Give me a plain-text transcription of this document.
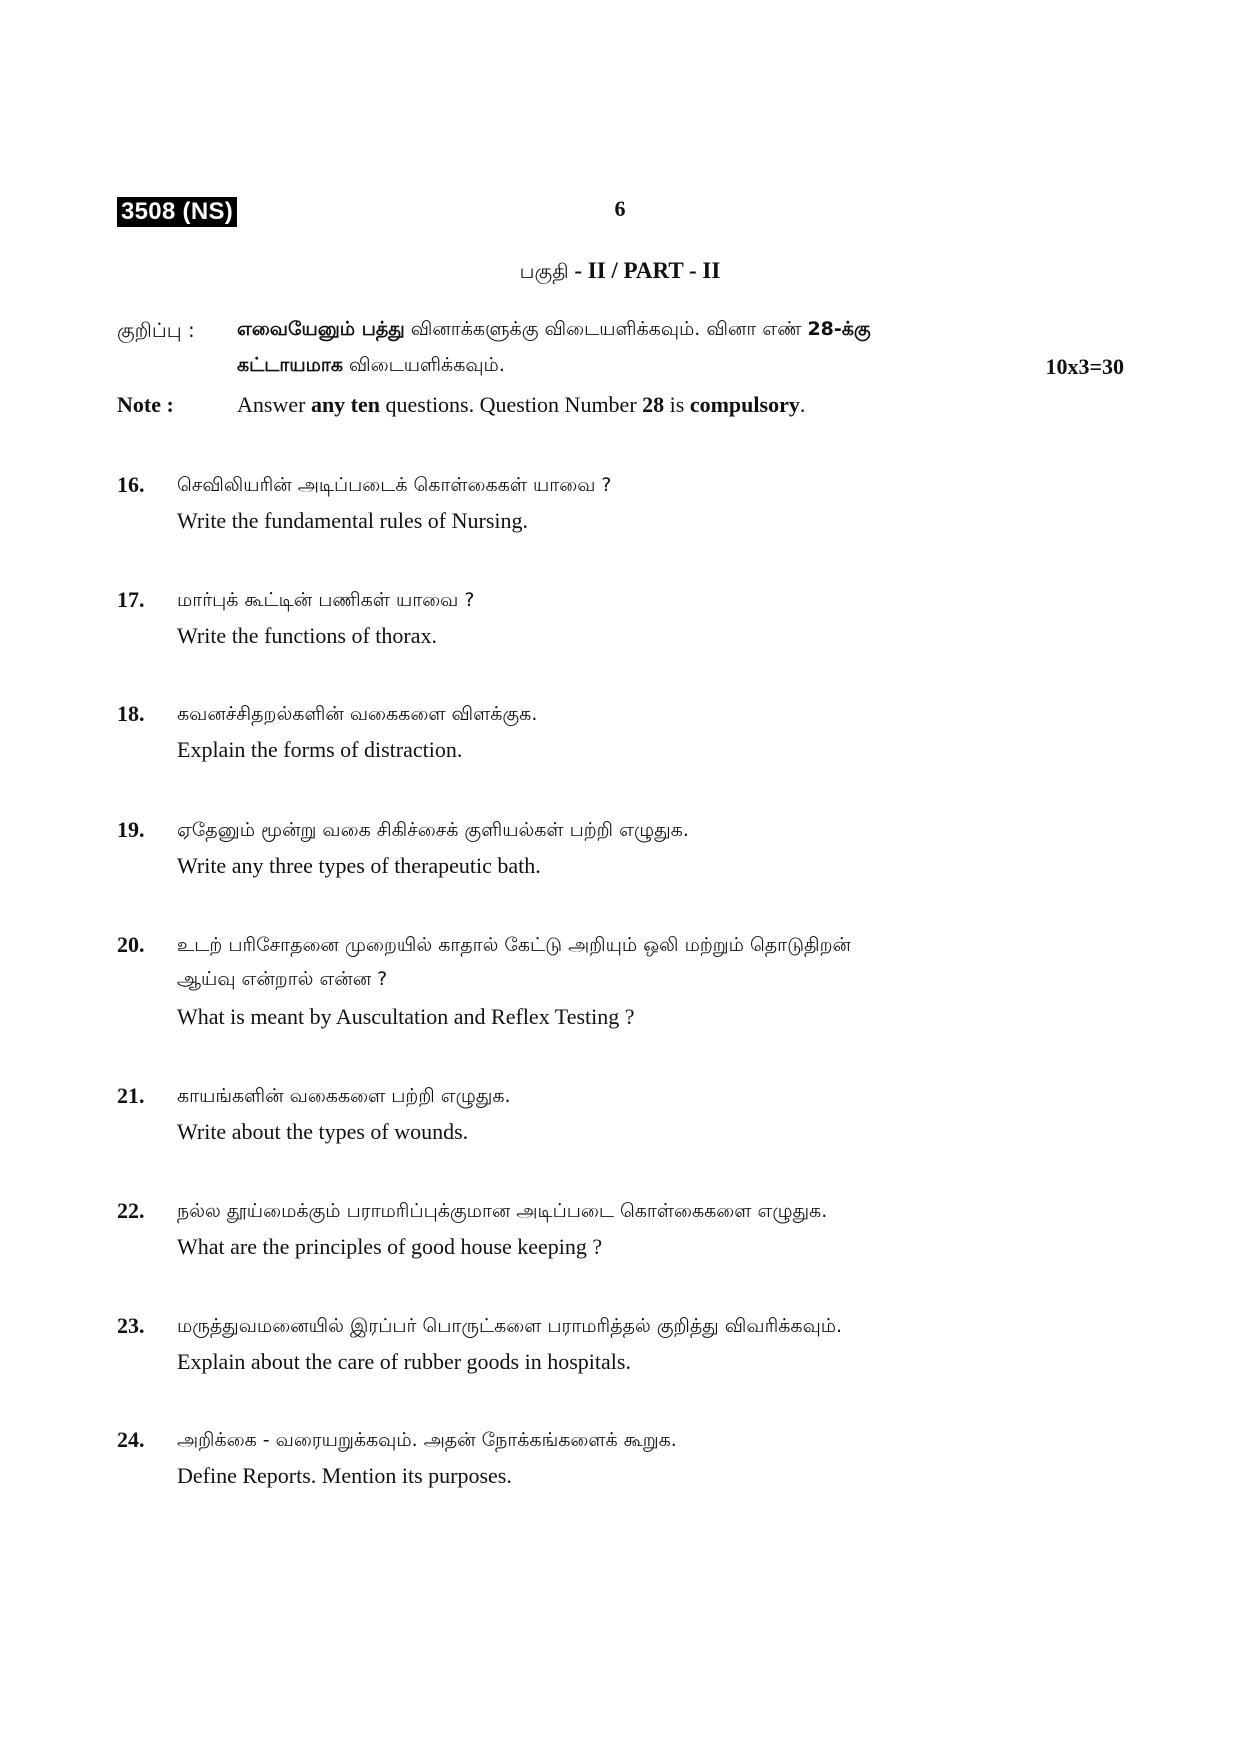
3508 (NS)	6
பகுதி - II / PART - II
குறிப்பு : எவையேனும் பத்து வினாக்களுக்கு விடையளிக்கவும். வினா எண் 28-க்கு
கட்டாயமாக விடையளிக்கவும்.	10x3=30
Note :	Answer any ten questions. Question Number 28 is compulsory.
16. செவிலியரின் அடிப்படைக் கொள்கைகள் யாவை ?
Write the fundamental rules of Nursing.
17. மார்புக் கூட்டின் பணிகள் யாவை ?
Write the functions of thorax.
18. கவனச்சிதறல்களின் வகைகளை விளக்குக.
Explain the forms of distraction.
19. ஏதேனும் மூன்று வகை சிகிச்சைக் குளியல்கள் பற்றி எழுதுக.
Write any three types of therapeutic bath.
20. உடற் பரிசோதனை முறையில் காதால் கேட்டு அறியும் ஒலி மற்றும் தொடுதிறன்
ஆய்வு என்றால் என்ன ?
What is meant by Auscultation and Reflex Testing ?
21. காயங்களின் வகைகளை பற்றி எழுதுக.
Write about the types of wounds.
22. நல்ல தூய்மைக்கும் பராமரிப்புக்குமான அடிப்படை கொள்கைகளை எழுதுக.
What are the principles of good house keeping ?
23. மருத்துவமனையில் இரப்பர் பொருட்களை பராமரித்தல் குறித்து விவரிக்கவும்.
Explain about the care of rubber goods in hospitals.
24. அறிக்கை - வரையறுக்கவும். அதன் நோக்கங்களைக் கூறுக.
Define Reports. Mention its purposes.
